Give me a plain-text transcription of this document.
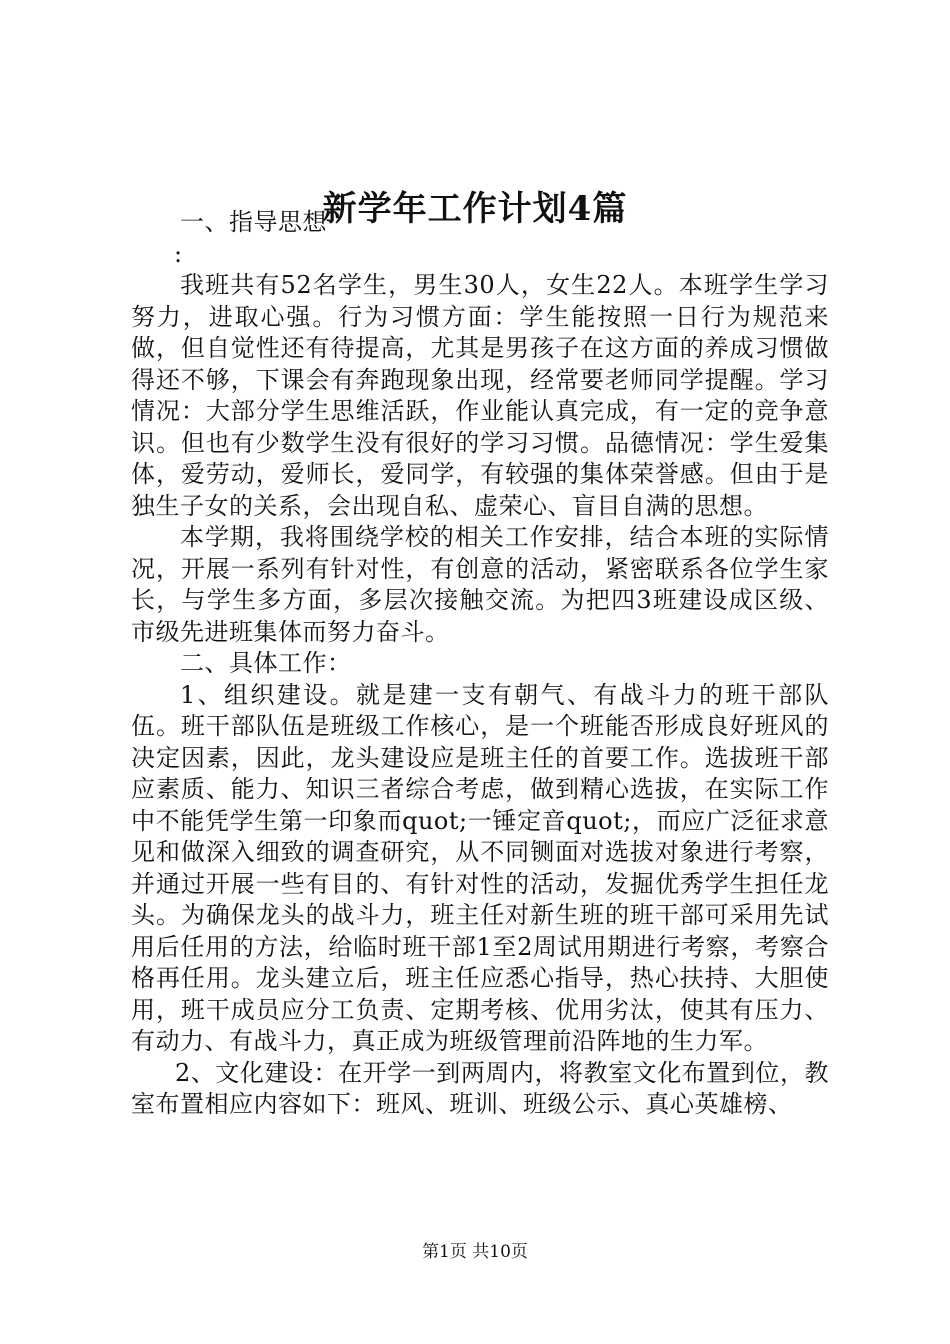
新学年工作计划4篇

一、指导思想

:

我班共有52名学生，男生30人，女生22人。本班学生学习努力，进取心强。行为习惯方面：学生能按照一日行为规范来做，但自觉性还有待提高，尤其是男孩子在这方面的养成习惯做得还不够，下课会有奔跑现象出现，经常要老师同学提醒。学习情况：大部分学生思维活跃，作业能认真完成，有一定的竞争意识。但也有少数学生没有很好的学习习惯。品德情况：学生爱集体，爱劳动，爱师长，爱同学，有较强的集体荣誉感。但由于是独生子女的关系，会出现自私、虚荣心、盲目自满的思想。

本学期，我将围绕学校的相关工作安排，结合本班的实际情况，开展一系列有针对性，有创意的活动，紧密联系各位学生家长，与学生多方面，多层次接触交流。为把四3班建设成区级、市级先进班集体而努力奋斗。

二、具体工作：

1、组织建设。就是建一支有朝气、有战斗力的班干部队伍。班干部队伍是班级工作核心，是一个班能否形成良好班风的决定因素，因此，龙头建设应是班主任的首要工作。选拔班干部应素质、能力、知识三者综合考虑，做到精心选拔，在实际工作中不能凭学生第一印象而quot;一锤定音quot;，而应广泛征求意见和做深入细致的调查研究，从不同铡面对选拔对象进行考察，并通过开展一些有目的、有针对性的活动，发掘优秀学生担任龙头。为确保龙头的战斗力，班主任对新生班的班干部可采用先试用后任用的方法，给临时班干部1至2周试用期进行考察，考察合格再任用。龙头建立后，班主任应悉心指导，热心扶持、大胆使用，班干成员应分工负责、定期考核、优用劣汰，使其有压力、有动力、有战斗力，真正成为班级管理前沿阵地的生力军。

2、文化建设：在开学一到两周内，将教室文化布置到位，教室布置相应内容如下：班风、班训、班级公示、真心英雄榜、

第1页 共10页
